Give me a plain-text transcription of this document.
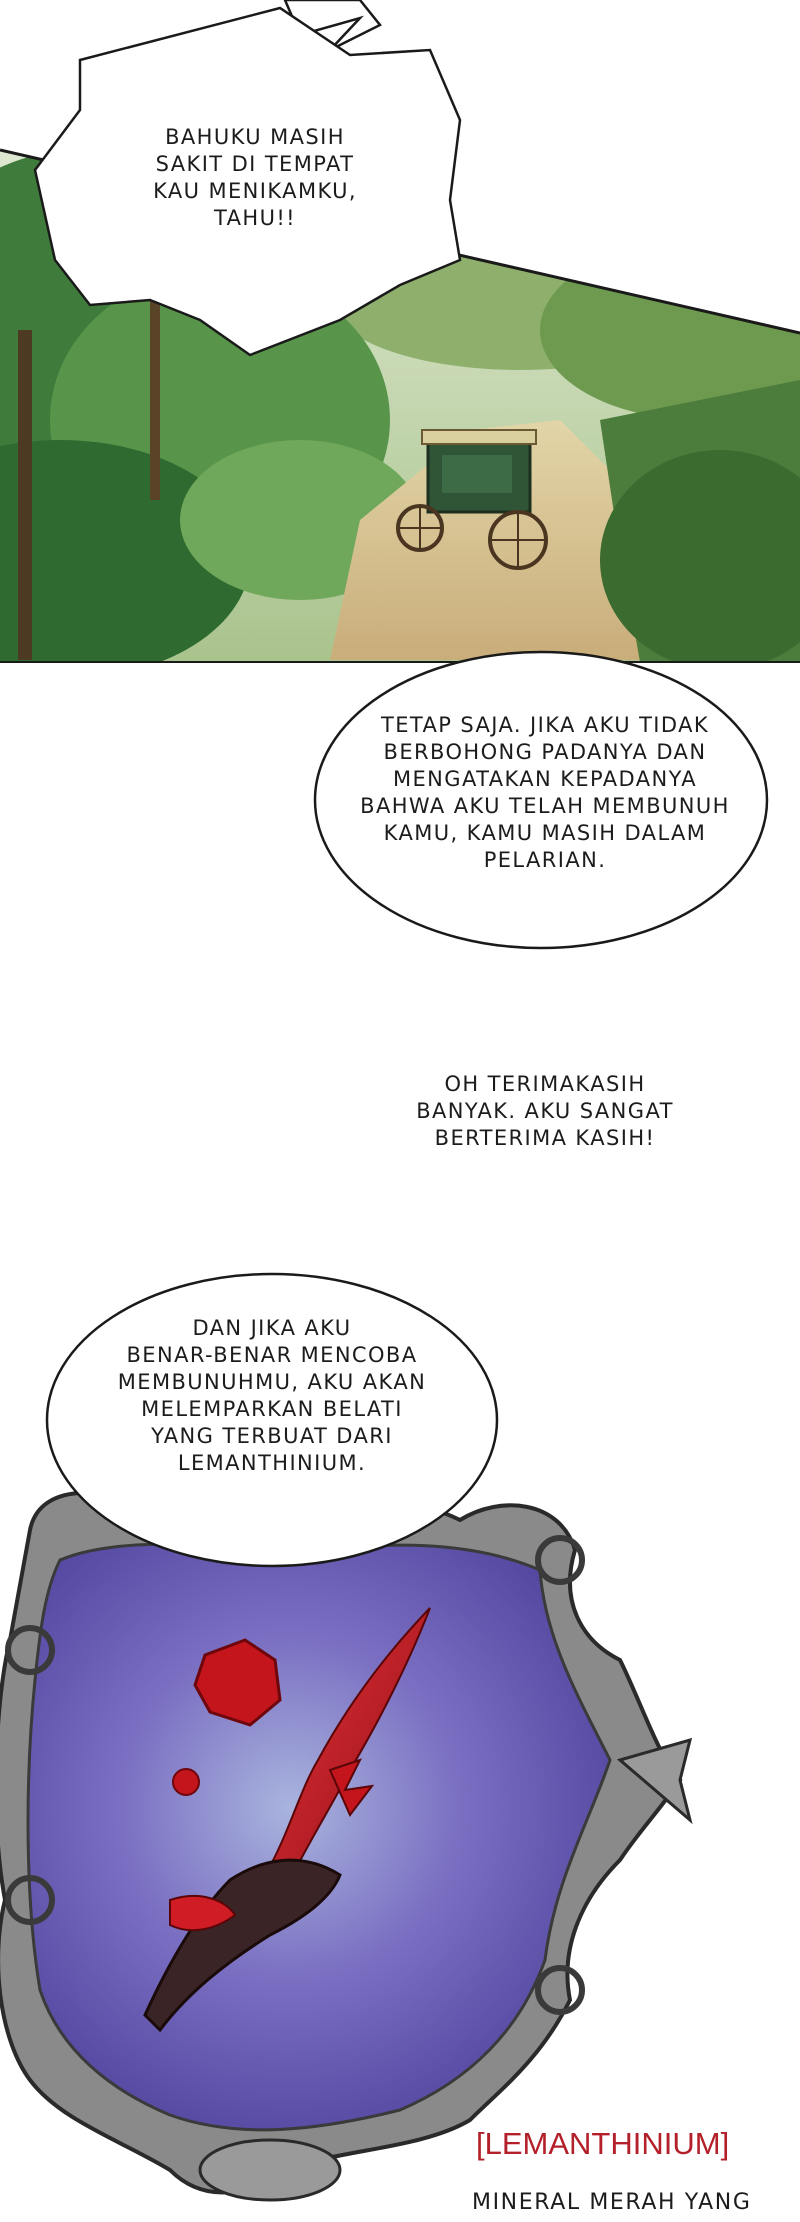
BAHUKU MASIH
SAKIT DI TEMPAT
KAU MENIKAMKU,
TAHU!!
TETAP SAJA. JIKA AKU TIDAK
BERBOHONG PADANYA DAN
MENGATAKAN KEPADANYA
BAHWA AKU TELAH MEMBUNUH
KAMU, KAMU MASIH DALAM
PELARIAN.
OH TERIMAKASIH
BANYAK. AKU SANGAT
BERTERIMA KASIH!
DAN JIKA AKU
BENAR-BENAR MENCOBA
MEMBUNUHMU, AKU AKAN
MELEMPARKAN BELATI
YANG TERBUAT DARI
LEMANTHINIUM.
[LEMANTHINIUM]
MINERAL MERAH YANG
